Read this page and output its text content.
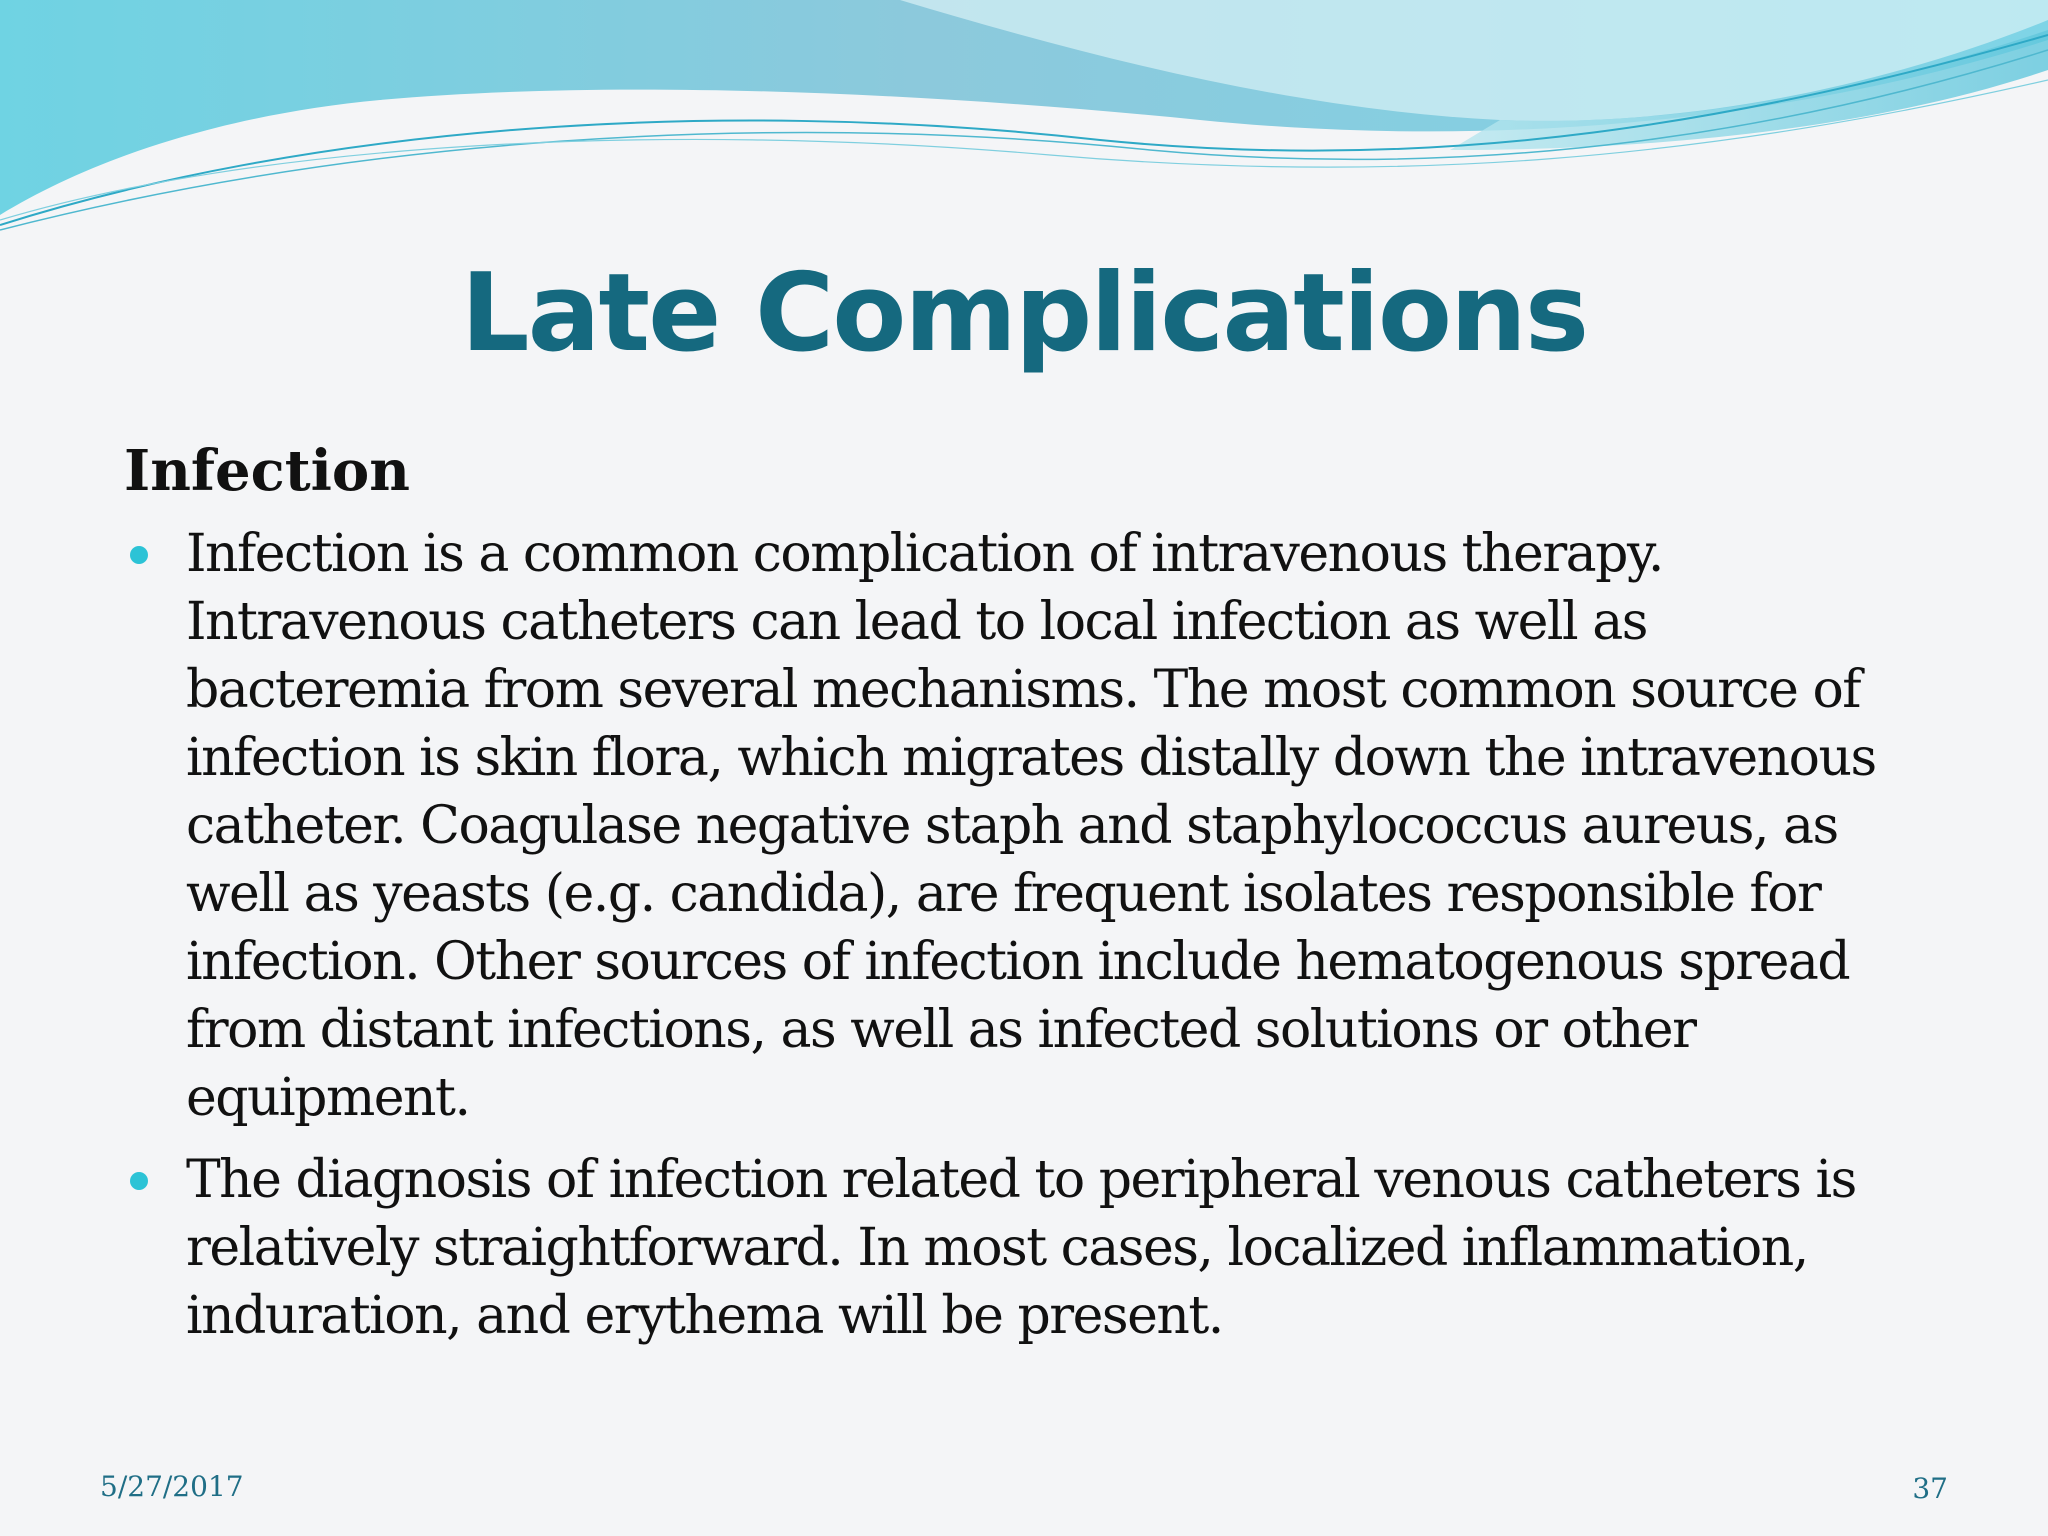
Late Complications
Infection
Infection is a common complication of intravenous therapy. Intravenous catheters can lead to local infection as well as bacteremia from several mechanisms. The most common source of infection is skin flora, which migrates distally down the intravenous catheter. Coagulase negative staph and staphylococcus aureus, as well as yeasts (e.g. candida), are frequent isolates responsible for infection. Other sources of infection include hematogenous spread from distant infections, as well as infected solutions or other equipment.
The diagnosis of infection related to peripheral venous catheters is relatively straightforward. In most cases, localized inflammation, induration, and erythema will be present.
5/27/2017	37
